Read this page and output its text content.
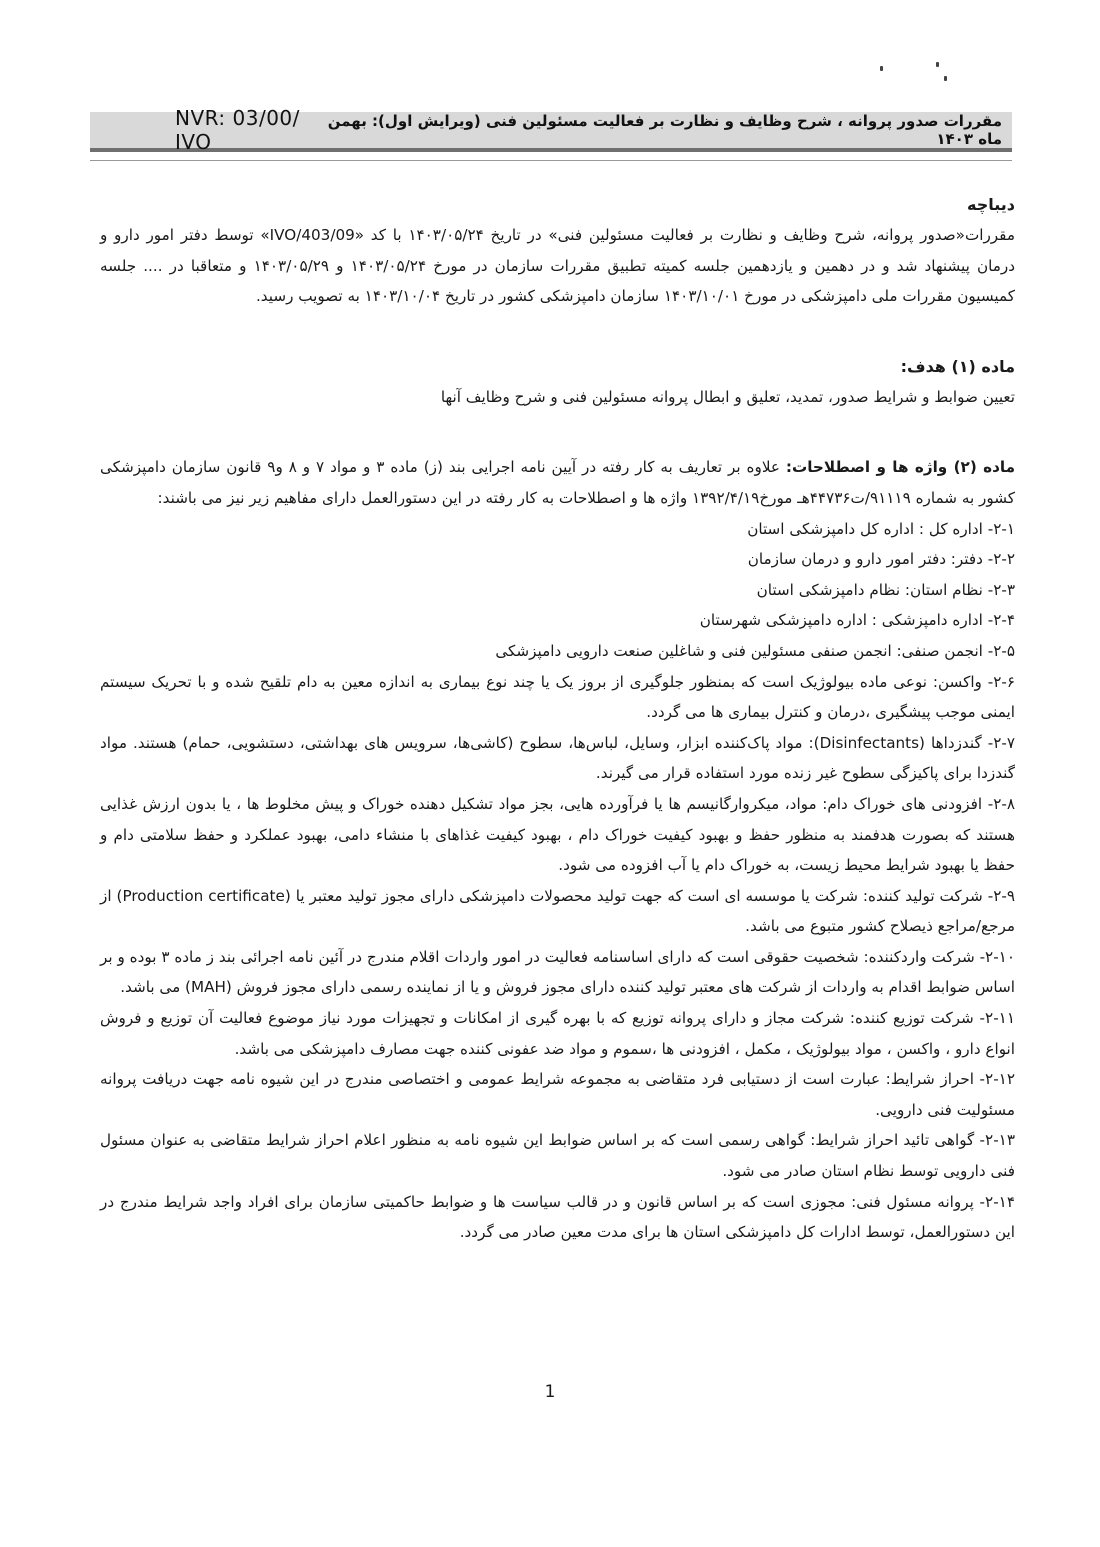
NVR: 03/00/ IVO
مقررات صدور پروانه ، شرح وظایف و نظارت بر فعالیت مسئولین فنی (ویرایش اول): بهمن ماه ۱۴۰۳
دیباچه

مقررات«صدور پروانه، شرح وظایف و نظارت بر فعالیت مسئولین فنی» در تاریخ ۱۴۰۳/۰۵/۲۴ با کد «403/09/IVO» توسط دفتر امور دارو و درمان پیشنهاد شد و در دهمین و یازدهمین جلسه کمیته تطبیق مقررات سازمان در مورخ ۱۴۰۳/۰۵/۲۴ و ۱۴۰۳/۰۵/۲۹ و متعاقبا در .... جلسه کمیسیون مقررات ملی دامپزشکی در مورخ ۱۴۰۳/۱۰/۰۱ سازمان دامپزشکی کشور در تاریخ ۱۴۰۳/۱۰/۰۴ به تصویب رسید.

ماده (۱) هدف:

تعیین ضوابط و شرایط صدور، تمدید، تعلیق و ابطال پروانه مسئولین فنی و شرح وظایف آنها

ماده (۲) واژه ها و اصطلاحات: علاوه بر تعاریف به کار رفته در آیین نامه اجرایی بند (ز) ماده ۳ و مواد ۷ و ۸ و۹ قانون سازمان دامپزشکی کشور به شماره ۹۱۱۱۹/ت۴۴۷۳۶هـ مورخ۱۳۹۲/۴/۱۹ واژه ها و اصطلاحات به کار رفته در این دستورالعمل دارای مفاهیم زیر نیز می باشند:

۲-۱- اداره کل : اداره کل دامپزشکی استان

۲-۲- دفتر: دفتر امور دارو و درمان سازمان

۲-۳- نظام استان: نظام دامپزشکی استان

۲-۴- اداره دامپزشکی : اداره دامپزشکی شهرستان

۲-۵- انجمن صنفی: انجمن صنفی مسئولین فنی و شاغلین صنعت دارویی دامپزشکی

۲-۶- واکسن: نوعی ماده بیولوژیک است که بمنظور جلوگیری از بروز یک یا چند نوع بیماری به اندازه معین به دام تلقیح شده و با تحریک سیستم ایمنی موجب پیشگیری ،درمان و کنترل بیماری ها می گردد.

۲-۷- گندزداها (Disinfectants): مواد پاک‌کننده ابزار، وسایل، لباس‌ها، سطوح (کاشی‌ها، سرویس های بهداشتی، دستشویی، حمام) هستند. مواد گندزدا برای پاکیزگی سطوح غیر زنده مورد استفاده قرار می گیرند.

۲-۸- افزودنی های خوراک دام: مواد، میکروارگانیسم ها یا فرآورده هایی، بجز مواد تشکیل دهنده خوراک و پیش مخلوط ها ، یا بدون ارزش غذایی هستند که بصورت هدفمند به منظور حفظ و بهبود کیفیت خوراک دام ، بهبود کیفیت غذاهای با منشاء دامی، بهبود عملکرد و حفظ سلامتی دام و حفظ یا بهبود شرایط محیط زیست، به خوراک دام یا آب افزوده می شود.

۲-۹- شرکت تولید کننده: شرکت یا موسسه ای است که جهت تولید محصولات دامپزشکی دارای مجوز تولید معتبر یا (Production certificate) از مرجع/مراجع ذیصلاح کشور متبوع می باشد.

۲-۱۰- شرکت واردکننده: شخصیت حقوقی است که دارای اساسنامه فعالیت در امور واردات اقلام مندرج در آئین نامه اجرائی بند ز ماده ۳ بوده و بر اساس ضوابط اقدام به واردات از شرکت های معتبر تولید کننده دارای مجوز فروش و یا از نماینده رسمی دارای مجوز فروش (MAH) می باشد.

۲-۱۱- شرکت توزیع کننده: شرکت مجاز و دارای پروانه توزیع که با بهره گیری از امکانات و تجهیزات مورد نیاز موضوع فعالیت آن توزیع و فروش انواع دارو ، واکسن ، مواد بیولوژیک ، مکمل ، افزودنی ها ،سموم و مواد ضد عفونی کننده جهت مصارف دامپزشکی می باشد.

۲-۱۲- احراز شرایط: عبارت است از دستیابی فرد متقاضی به مجموعه شرایط عمومی و اختصاصی مندرج در این شیوه نامه جهت دریافت پروانه مسئولیت فنی دارویی.

۲-۱۳- گواهی تائید احراز شرایط: گواهی رسمی است که بر اساس ضوابط این شیوه نامه به منظور اعلام احراز شرایط متقاضی به عنوان مسئول فنی دارویی توسط نظام استان صادر می شود.

۲-۱۴- پروانه مسئول فنی: مجوزی است که بر اساس قانون و در قالب سیاست ها و ضوابط حاکمیتی سازمان برای افراد واجد شرایط مندرج در این دستورالعمل، توسط ادارات کل دامپزشکی استان ها برای مدت معین صادر می گردد.

1
